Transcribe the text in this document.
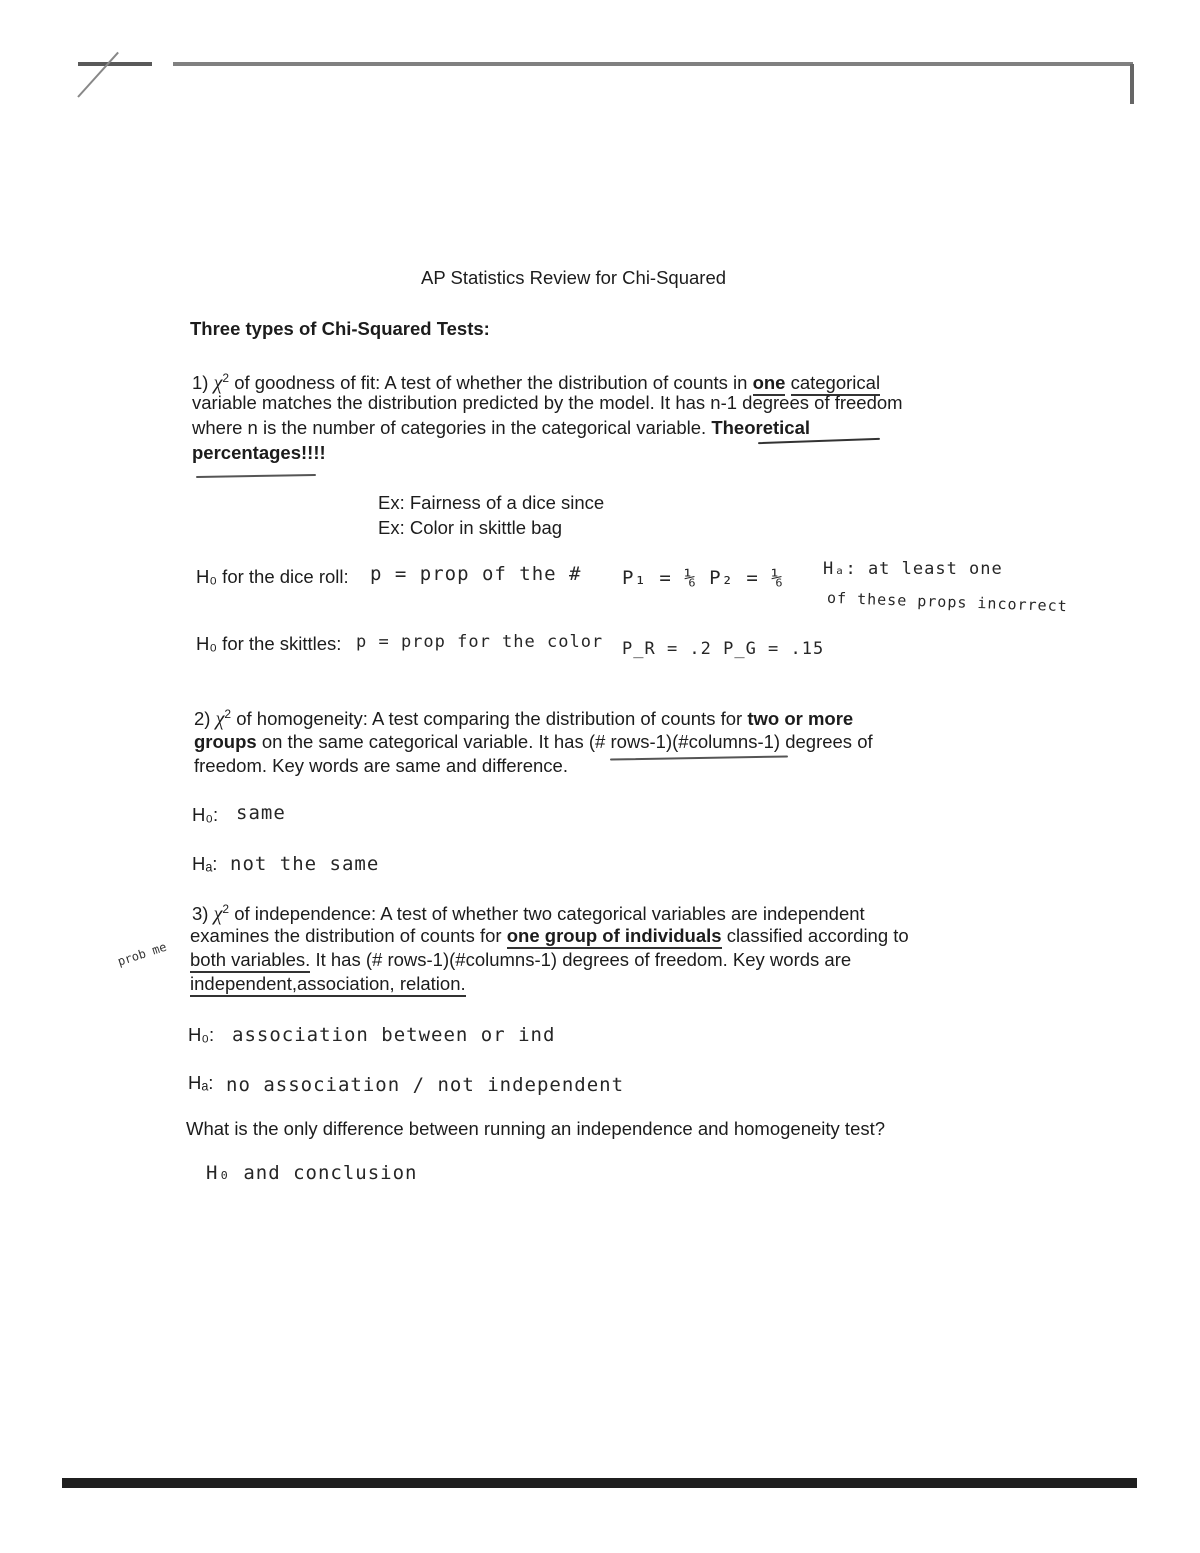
AP Statistics Review for Chi-Squared
Three types of Chi-Squared Tests:
1) $\chi^2$ of goodness of fit: A test of whether the distribution of counts in one categorical
variable matches the distribution predicted by the model. It has n-1 degrees of freedom
where n is the number of categories in the categorical variable. Theoretical
percentages!!!!
Ex: Fairness of a dice since
Ex: Color in skittle bag
H₀ for the dice roll: p = prop of the # P₁ = ⅙ P₂ = ⅙ Hₐ: at least one
of these props incorrect
H₀ for the skittles: p = prop for the color P_R = .2 P_G = .15
2) $\chi^2$ of homogeneity: A test comparing the distribution of counts for two or more
groups on the same categorical variable. It has (# rows-1)(#columns-1) degrees of
freedom. Key words are same and difference.
H₀: same
Hₐ: not the same
3) $\chi^2$ of independence: A test of whether two categorical variables are independent
examines the distribution of counts for one group of individuals classified according to
both variables. It has (# rows-1)(#columns-1) degrees of freedom. Key words are
independent,association, relation.
prob me
H₀: association between or ind
Hₐ: no association / not independent
What is the only difference between running an independence and homogeneity test?
H₀ and conclusion
